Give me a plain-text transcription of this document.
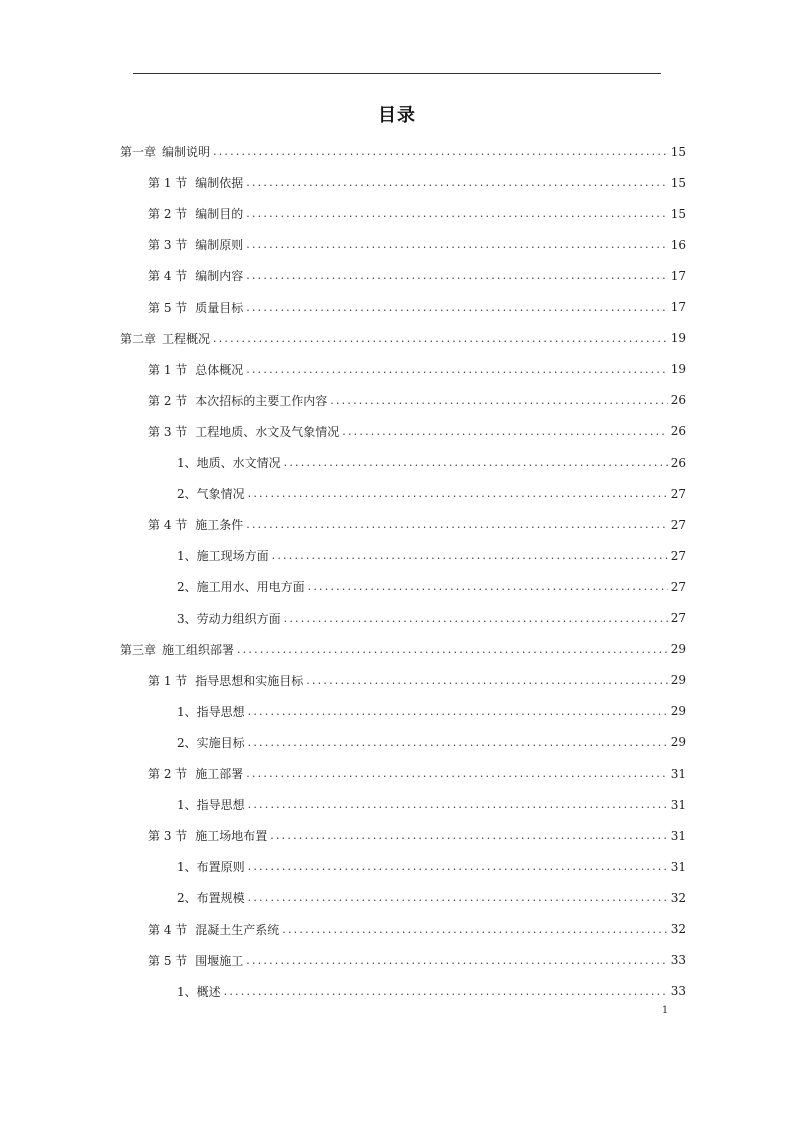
目录
第一章 编制说明 .....	15
第 1 节 编制依据 .....	15
第 2 节 编制目的 .....	15
第 3 节 编制原则 .....	16
第 4 节 编制内容 .....	17
第 5 节 质量目标 .....	17
第二章 工程概况 .....	19
第 1 节 总体概况 .....	19
第 2 节 本次招标的主要工作内容 .....	26
第 3 节 工程地质、水文及气象情况 .....	26
1、 地质、水文情况 .....	26
2、 气象情况 .....	27
第 4 节 施工条件 .....	27
1、 施工现场方面 .....	27
2、 施工用水、用电方面 .....	27
3、 劳动力组织方面 .....	27
第三章 施工组织部署 .....	29
第 1 节 指导思想和实施目标 .....	29
1、 指导思想 .....	29
2、 实施目标 .....	29
第 2 节 施工部署 .....	31
1、 指导思想 .....	31
第 3 节 施工场地布置 .....	31
1、 布置原则 .....	31
2、 布置规模 .....	32
第 4 节 混凝土生产系统 .....	32
第 5 节 围堰施工 .....	33
1、 概述 .....	33
1
